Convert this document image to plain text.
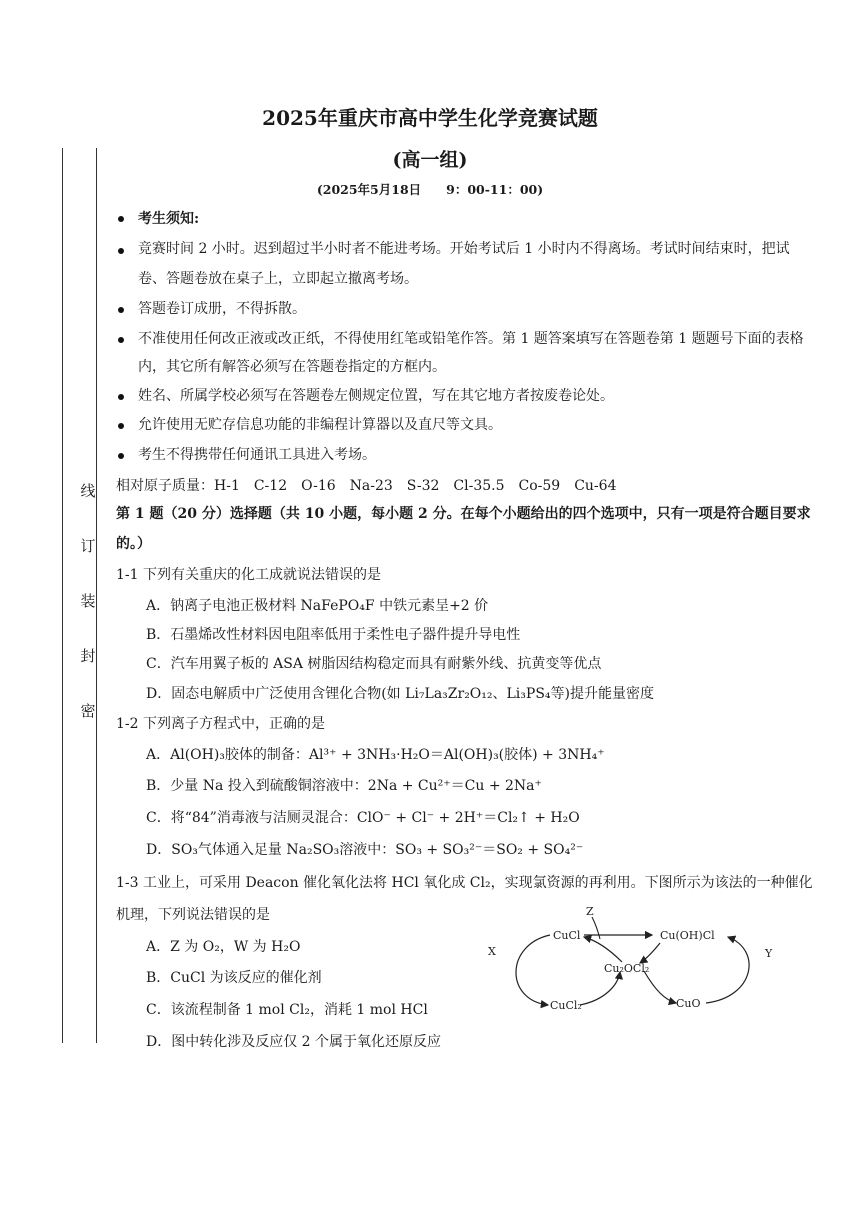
2025年重庆市高中学生化学竞赛试题
(高一组)
(2025年5月18日　　9：00-11：00)
线
订
装
封
密
考生须知:
竞赛时间 2 小时。迟到超过半小时者不能进考场。开始考试后 1 小时内不得离场。考试时间结束时，把试
卷、答题卷放在桌子上，立即起立撤离考场。
答题卷订成册，不得拆散。
不准使用任何改正液或改正纸，不得使用红笔或铅笔作答。第 1 题答案填写在答题卷第 1 题题号下面的表格
内，其它所有解答必须写在答题卷指定的方框内。
姓名、所属学校必须写在答题卷左侧规定位置，写在其它地方者按废卷论处。
允许使用无贮存信息功能的非编程计算器以及直尺等文具。
考生不得携带任何通讯工具进入考场。
相对原子质量：H-1　C-12　O-16　Na-23　S-32　Cl-35.5　Co-59　Cu-64
第 1 题（20 分）选择题（共 10 小题，每小题 2 分。在每个小题给出的四个选项中，只有一项是符合题目要求
的。）
1-1 下列有关重庆的化工成就说法错误的是
A．钠离子电池正极材料 NaFePO₄F 中铁元素呈+2 价
B．石墨烯改性材料因电阻率低用于柔性电子器件提升导电性
C．汽车用翼子板的 ASA 树脂因结构稳定而具有耐紫外线、抗黄变等优点
D．固态电解质中广泛使用含锂化合物(如 Li₇La₃Zr₂O₁₂、Li₃PS₄等)提升能量密度
1-2 下列离子方程式中，正确的是
A．Al(OH)₃胶体的制备：Al³⁺ + 3NH₃·H₂O＝Al(OH)₃(胶体) + 3NH₄⁺
B．少量 Na 投入到硫酸铜溶液中：2Na + Cu²⁺＝Cu + 2Na⁺
C．将“84”消毒液与洁厕灵混合：ClO⁻ + Cl⁻ + 2H⁺＝Cl₂↑ + H₂O
D．SO₃气体通入足量 Na₂SO₃溶液中：SO₃ + SO₃²⁻＝SO₂ + SO₄²⁻
1-3 工业上，可采用 Deacon 催化氧化法将 HCl 氧化成 Cl₂，实现氯资源的再利用。下图所示为该法的一种催化
机理，下列说法错误的是
A．Z 为 O₂，W 为 H₂O
B．CuCl 为该反应的催化剂
C．该流程制备 1 mol Cl₂，消耗 1 mol HCl
D．图中转化涉及反应仅 2 个属于氧化还原反应
Z
X	Y
CuCl	Cu(OH)Cl
Cu₂OCl₂
CuCl₂	CuO
